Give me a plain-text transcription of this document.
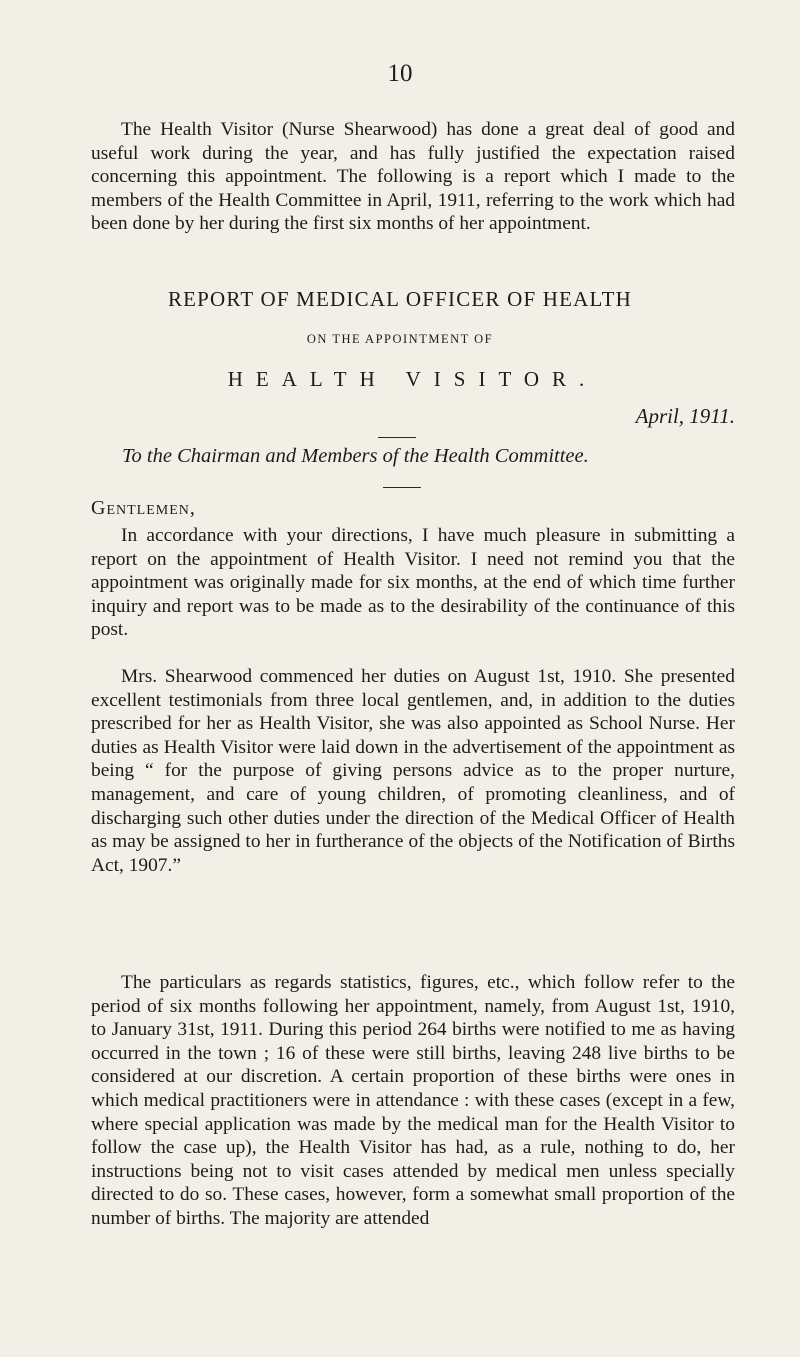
10

The Health Visitor (Nurse Shearwood) has done a great deal of good and useful work during the year, and has fully justified the expectation raised concerning this appointment. The following is a report which I made to the members of the Health Committee in April, 1911, referring to the work which had been done by her during the first six months of her appointment.

REPORT OF MEDICAL OFFICER OF HEALTH
ON THE APPOINTMENT OF
HEALTH VISITOR.
April, 1911.
To the Chairman and Members of the Health Committee.
Gentlemen,

In accordance with your directions, I have much pleasure in submitting a report on the appointment of Health Visitor. I need not remind you that the appointment was originally made for six months, at the end of which time further inquiry and report was to be made as to the desirability of the continuance of this post.

Mrs. Shearwood commenced her duties on August 1st, 1910. She presented excellent testimonials from three local gentlemen, and, in addition to the duties prescribed for her as Health Visitor, she was also appointed as School Nurse. Her duties as Health Visitor were laid down in the advertisement of the appointment as being “ for the purpose of giving persons advice as to the proper nurture, management, and care of young children, of promoting cleanliness, and of discharging such other duties under the direction of the Medical Officer of Health as may be assigned to her in furtherance of the objects of the Notification of Births Act, 1907.”

The particulars as regards statistics, figures, etc., which follow refer to the period of six months following her appointment, namely, from August 1st, 1910, to January 31st, 1911. During this period 264 births were notified to me as having occurred in the town ; 16 of these were still births, leaving 248 live births to be considered at our discretion. A certain proportion of these births were ones in which medical practitioners were in attendance : with these cases (except in a few, where special application was made by the medical man for the Health Visitor to follow the case up), the Health Visitor has had, as a rule, nothing to do, her instructions being not to visit cases attended by medical men unless specially directed to do so. These cases, however, form a somewhat small proportion of the number of births. The majority are attended
